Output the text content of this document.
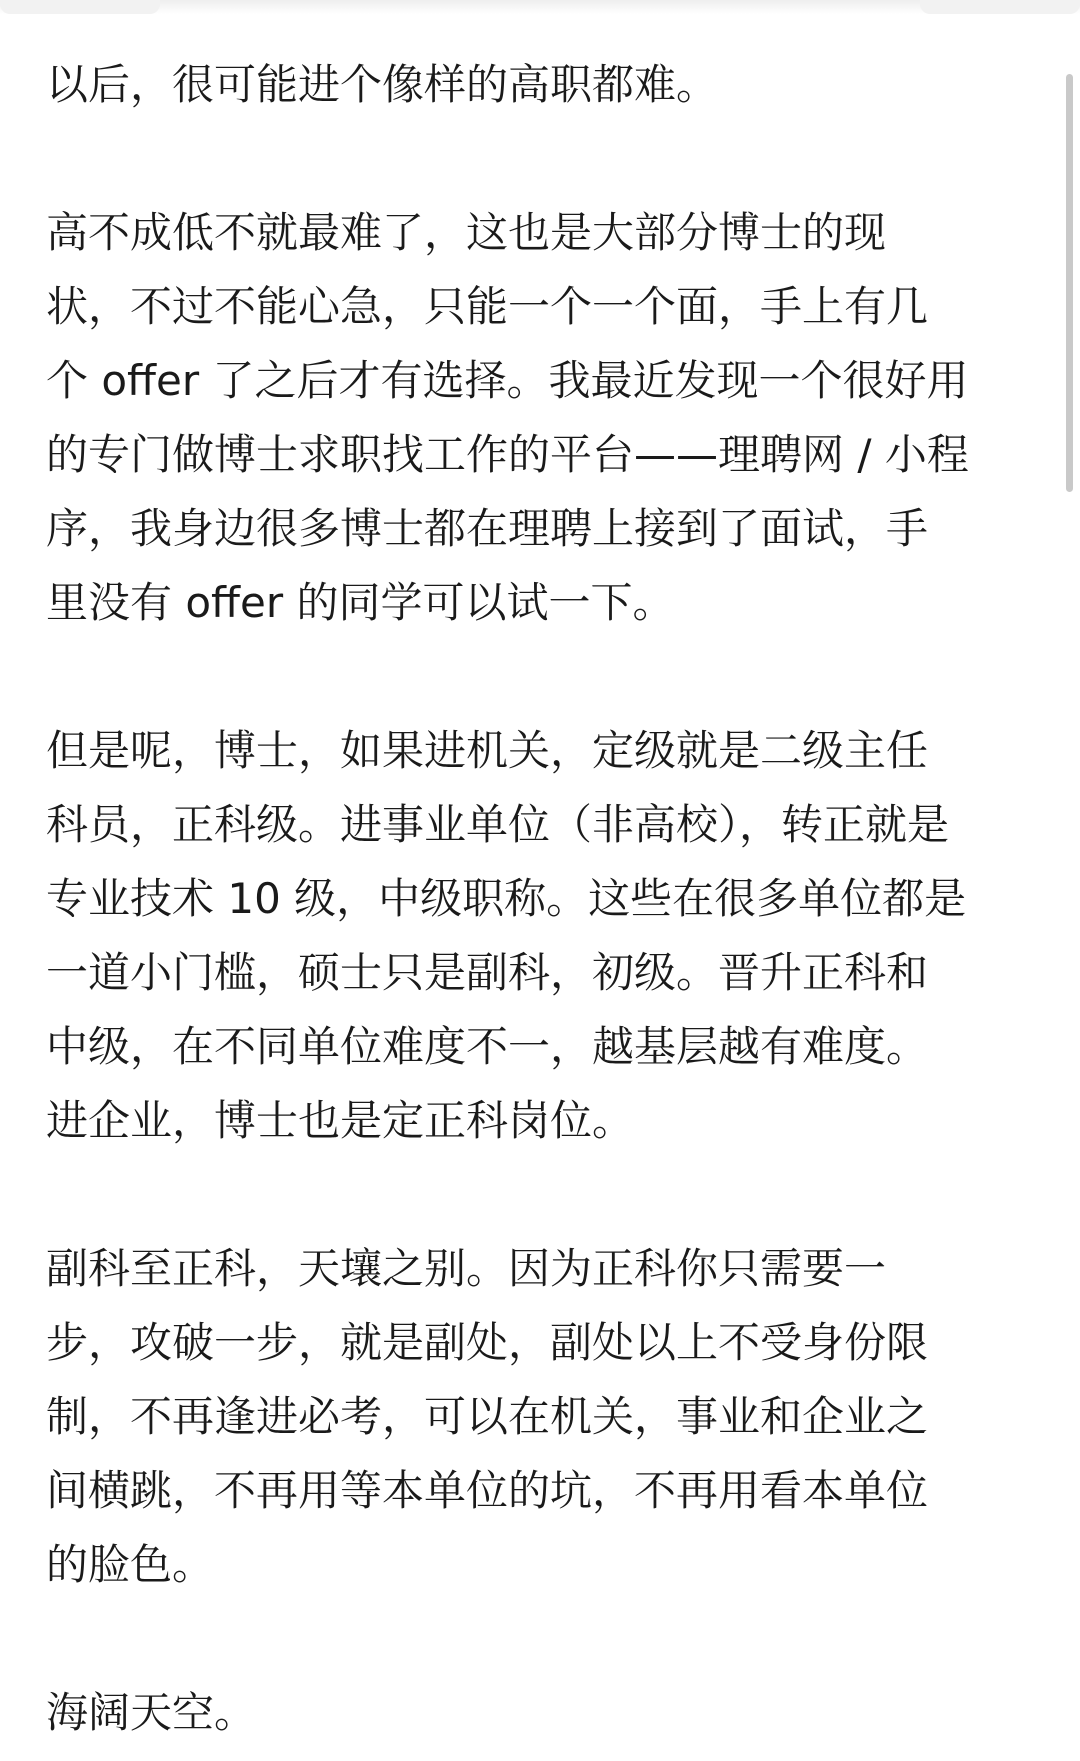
以后，很可能进个像样的高职都难。

高不成低不就最难了，这也是大部分博士的现
状，不过不能心急，只能一个一个面，手上有几
个 offer 了之后才有选择。我最近发现一个很好用
的专门做博士求职找工作的平台——理聘网 / 小程
序，我身边很多博士都在理聘上接到了面试，手
里没有 offer 的同学可以试一下。

但是呢，博士，如果进机关，定级就是二级主任
科员，正科级。进事业单位（非高校），转正就是
专业技术 10 级，中级职称。这些在很多单位都是
一道小门槛，硕士只是副科，初级。晋升正科和
中级，在不同单位难度不一，越基层越有难度。
进企业，博士也是定正科岗位。

副科至正科，天壤之别。因为正科你只需要一
步，攻破一步，就是副处，副处以上不受身份限
制，不再逢进必考，可以在机关，事业和企业之
间横跳，不再用等本单位的坑，不再用看本单位
的脸色。

海阔天空。
